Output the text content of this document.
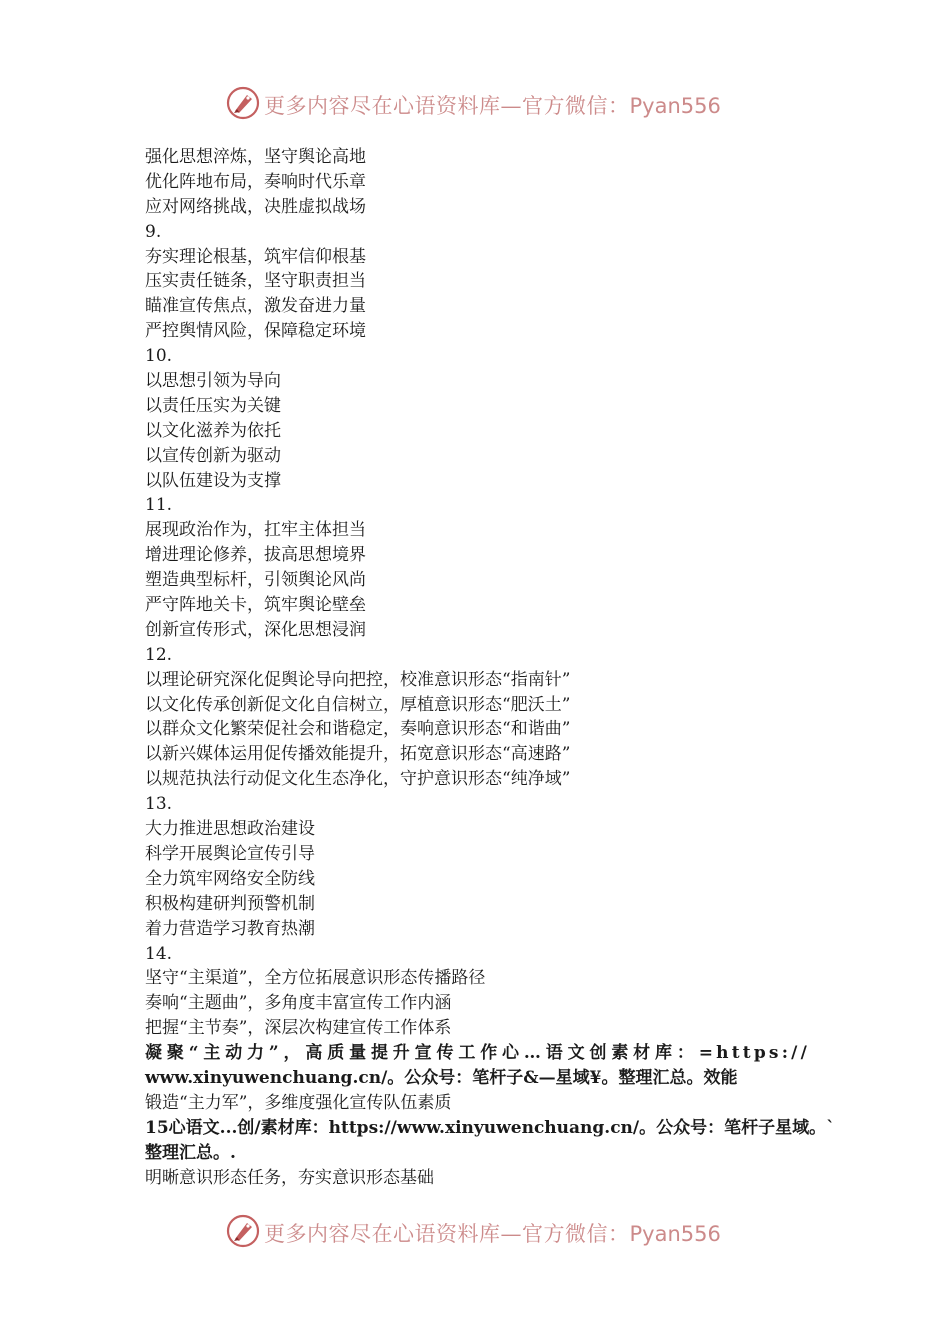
更多内容尽在心语资料库—官方微信：Pyan556
强化思想淬炼，坚守舆论高地
优化阵地布局，奏响时代乐章
应对网络挑战，决胜虚拟战场
9.
夯实理论根基，筑牢信仰根基
压实责任链条，坚守职责担当
瞄准宣传焦点，激发奋进力量
严控舆情风险，保障稳定环境
10.
以思想引领为导向
以责任压实为关键
以文化滋养为依托
以宣传创新为驱动
以队伍建设为支撑
11.
展现政治作为，扛牢主体担当
增进理论修养，拔高思想境界
塑造典型标杆，引领舆论风尚
严守阵地关卡，筑牢舆论壁垒
创新宣传形式，深化思想浸润
12.
以理论研究深化促舆论导向把控，校准意识形态“指南针”
以文化传承创新促文化自信树立，厚植意识形态“肥沃土”
以群众文化繁荣促社会和谐稳定，奏响意识形态“和谐曲”
以新兴媒体运用促传播效能提升，拓宽意识形态“高速路”
以规范执法行动促文化生态净化，守护意识形态“纯净域”
13.
大力推进思想政治建设
科学开展舆论宣传引导
全力筑牢网络安全防线
积极构建研判预警机制
着力营造学习教育热潮
14.
坚守“主渠道”，全方位拓展意识形态传播路径
奏响“主题曲”，多角度丰富宣传工作内涵
把握“主节奏”，深层次构建宣传工作体系
凝聚“主动力”，高质量提升宣传工作心…语文创素材库：=https://
www.xinyuwenchuang.cn/。公众号：笔杆子&—星域¥。整理汇总。效能
锻造“主力军”，多维度强化宣传队伍素质
15心语文...创/素材库：https://www.xinyuwenchuang.cn/。公众号：笔杆子星域。`
整理汇总。.
明晰意识形态任务，夯实意识形态基础
更多内容尽在心语资料库—官方微信：Pyan556
